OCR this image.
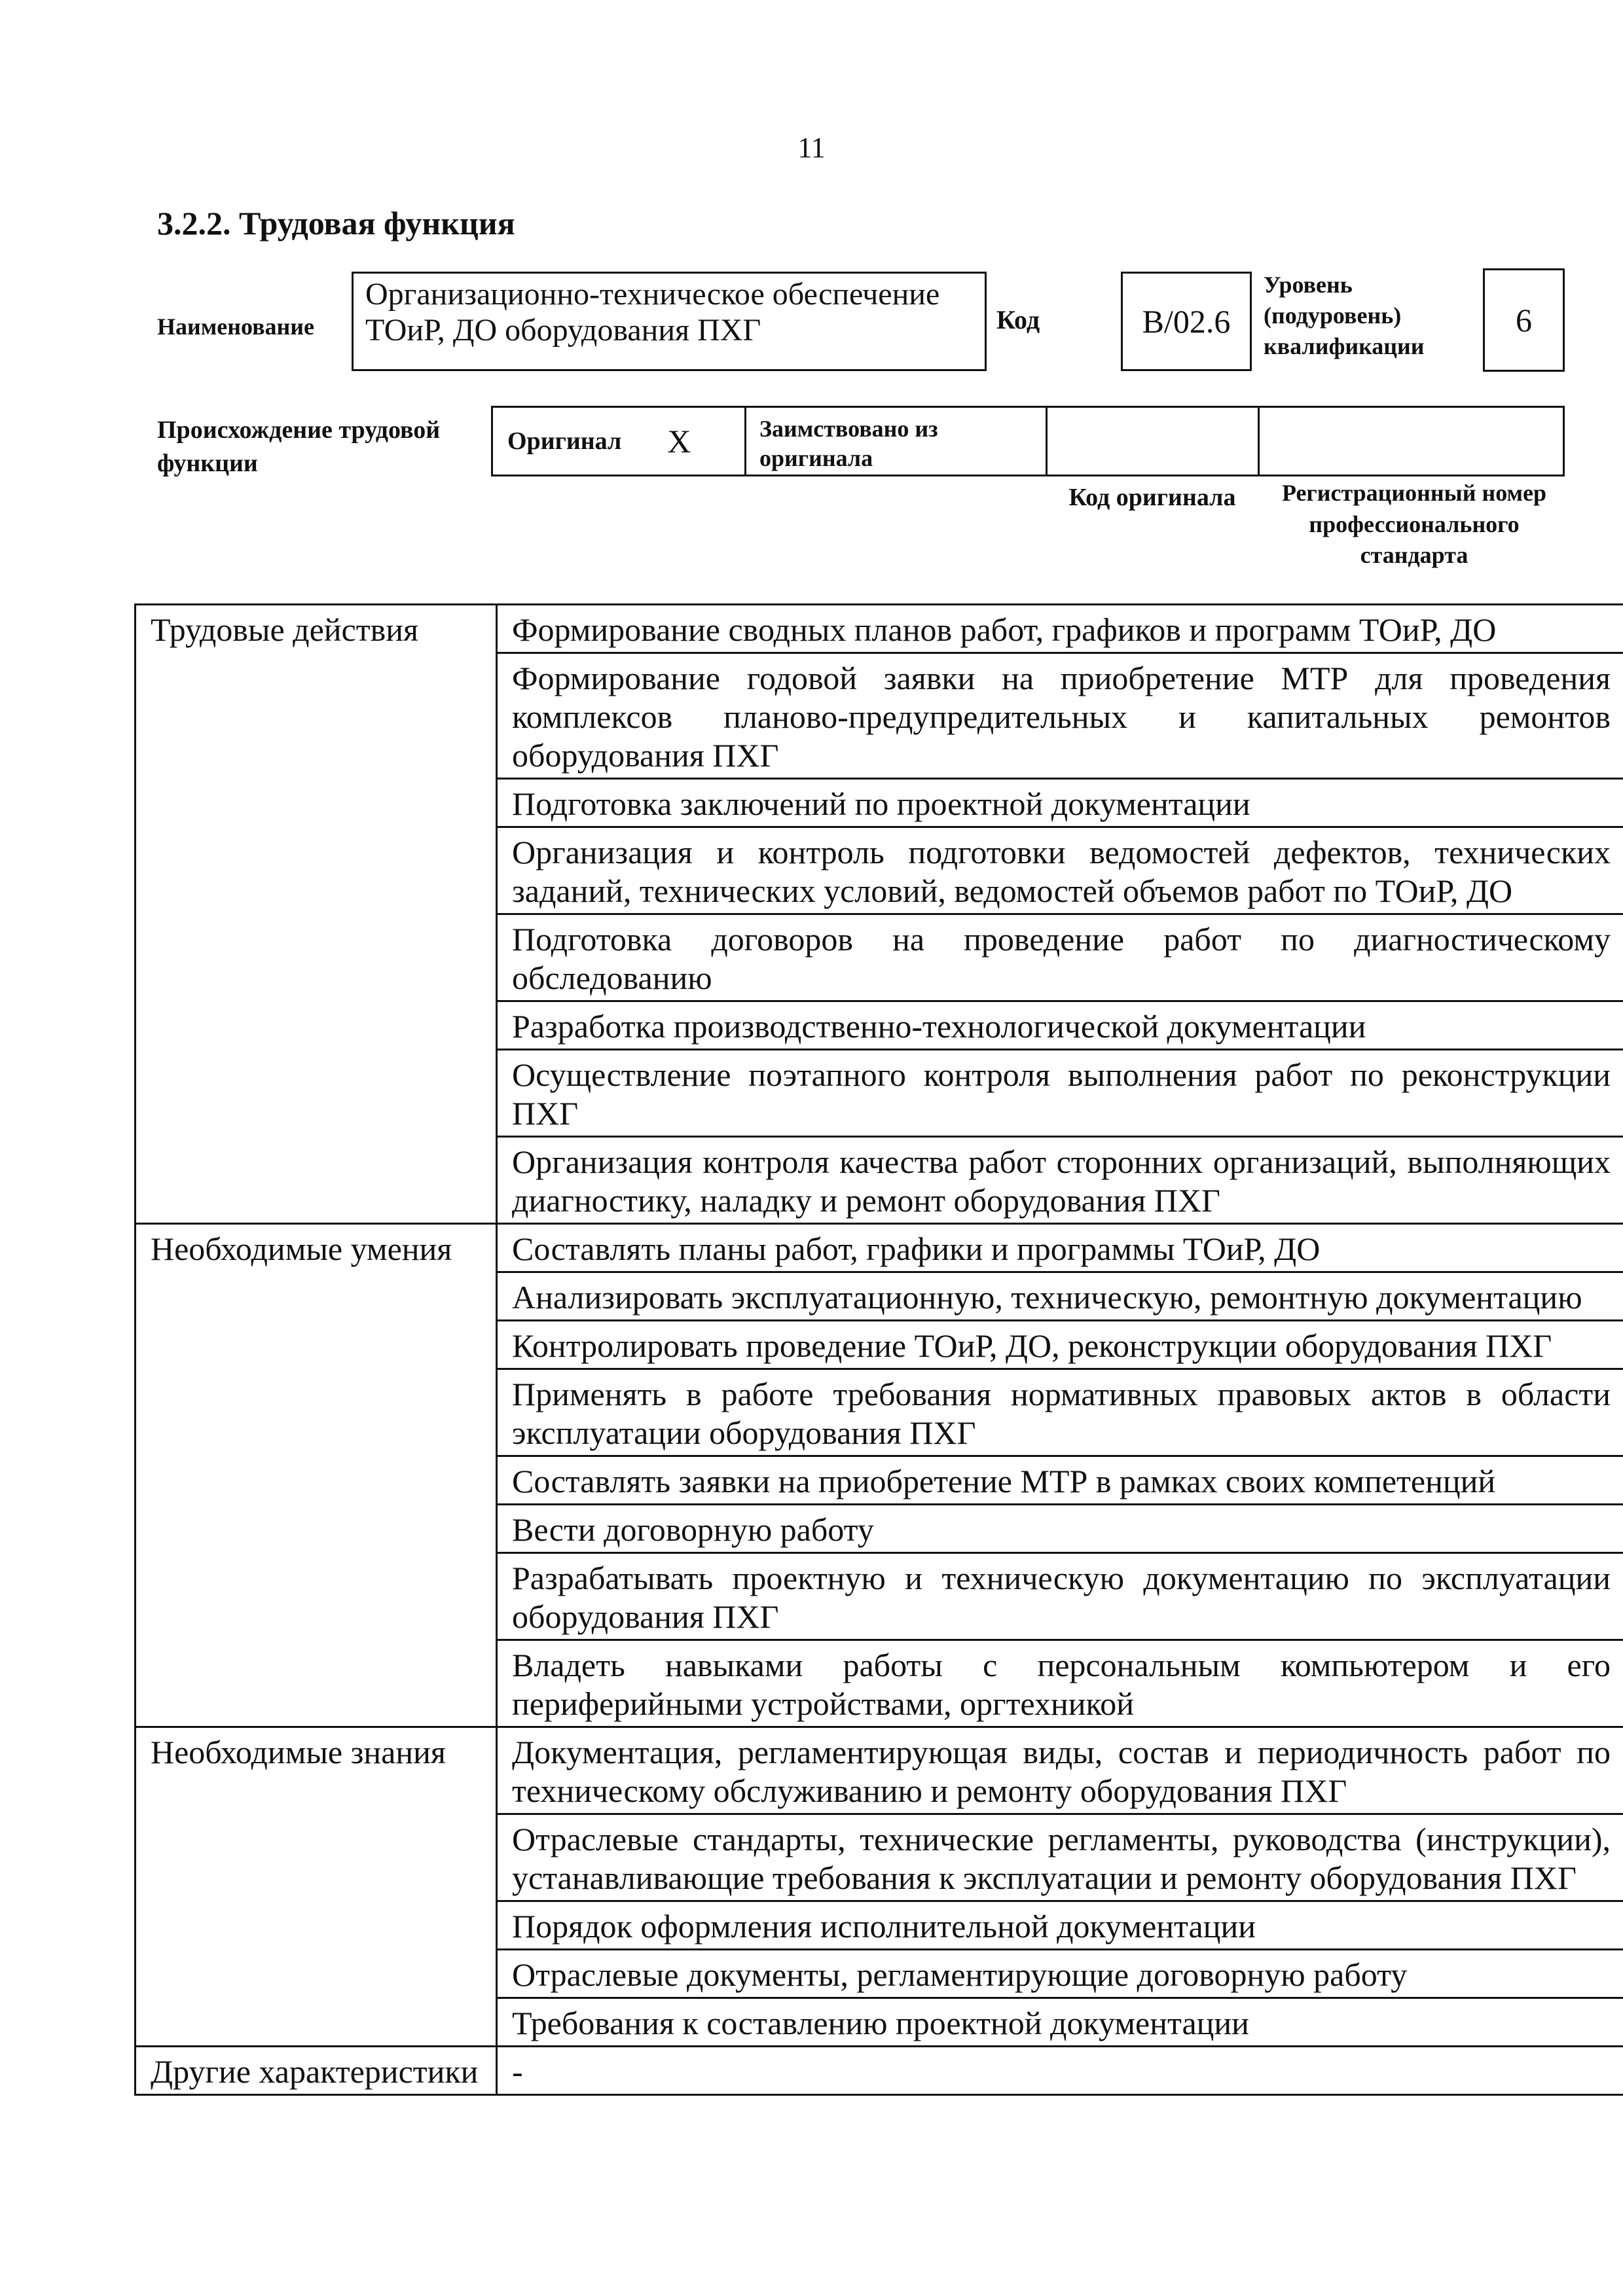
11
3.2.2. Трудовая функция
Наименование
Организационно-техническое обеспечение ТОиР, ДО оборудования ПХГ	Код	B/02.6
Уровень (подуровень) квалификации
6
Происхождение трудовой функции
Оригинал X	Заимствовано из оригинала
Код оригинала	Регистрационный номер профессионального стандарта
Трудовые действия	Формирование сводных планов работ, графиков и программ ТОиР, ДО
	Формирование годовой заявки на приобретение МТР для проведения комплексов планово-предупредительных и капитальных ремонтов оборудования ПХГ
	Подготовка заключений по проектной документации
	Организация и контроль подготовки ведомостей дефектов, технических заданий, технических условий, ведомостей объемов работ по ТОиР, ДО
	Подготовка договоров на проведение работ по диагностическому обследованию
	Разработка производственно-технологической документации
	Осуществление поэтапного контроля выполнения работ по реконструкции ПХГ
	Организация контроля качества работ сторонних организаций, выполняющих диагностику, наладку и ремонт оборудования ПХГ
Необходимые умения	Составлять планы работ, графики и программы ТОиР, ДО
	Анализировать эксплуатационную, техническую, ремонтную документацию
	Контролировать проведение ТОиР, ДО, реконструкции оборудования ПХГ
	Применять в работе требования нормативных правовых актов в области эксплуатации оборудования ПХГ
	Составлять заявки на приобретение МТР в рамках своих компетенций
	Вести договорную работу
	Разрабатывать проектную и техническую документацию по эксплуатации оборудования ПХГ
	Владеть навыками работы с персональным компьютером и его периферийными устройствами, оргтехникой
Необходимые знания	Документация, регламентирующая виды, состав и периодичность работ по техническому обслуживанию и ремонту оборудования ПХГ
	Отраслевые стандарты, технические регламенты, руководства (инструкции), устанавливающие требования к эксплуатации и ремонту оборудования ПХГ
	Порядок оформления исполнительной документации
	Отраслевые документы, регламентирующие договорную работу
	Требования к составлению проектной документации
Другие характеристики	-
